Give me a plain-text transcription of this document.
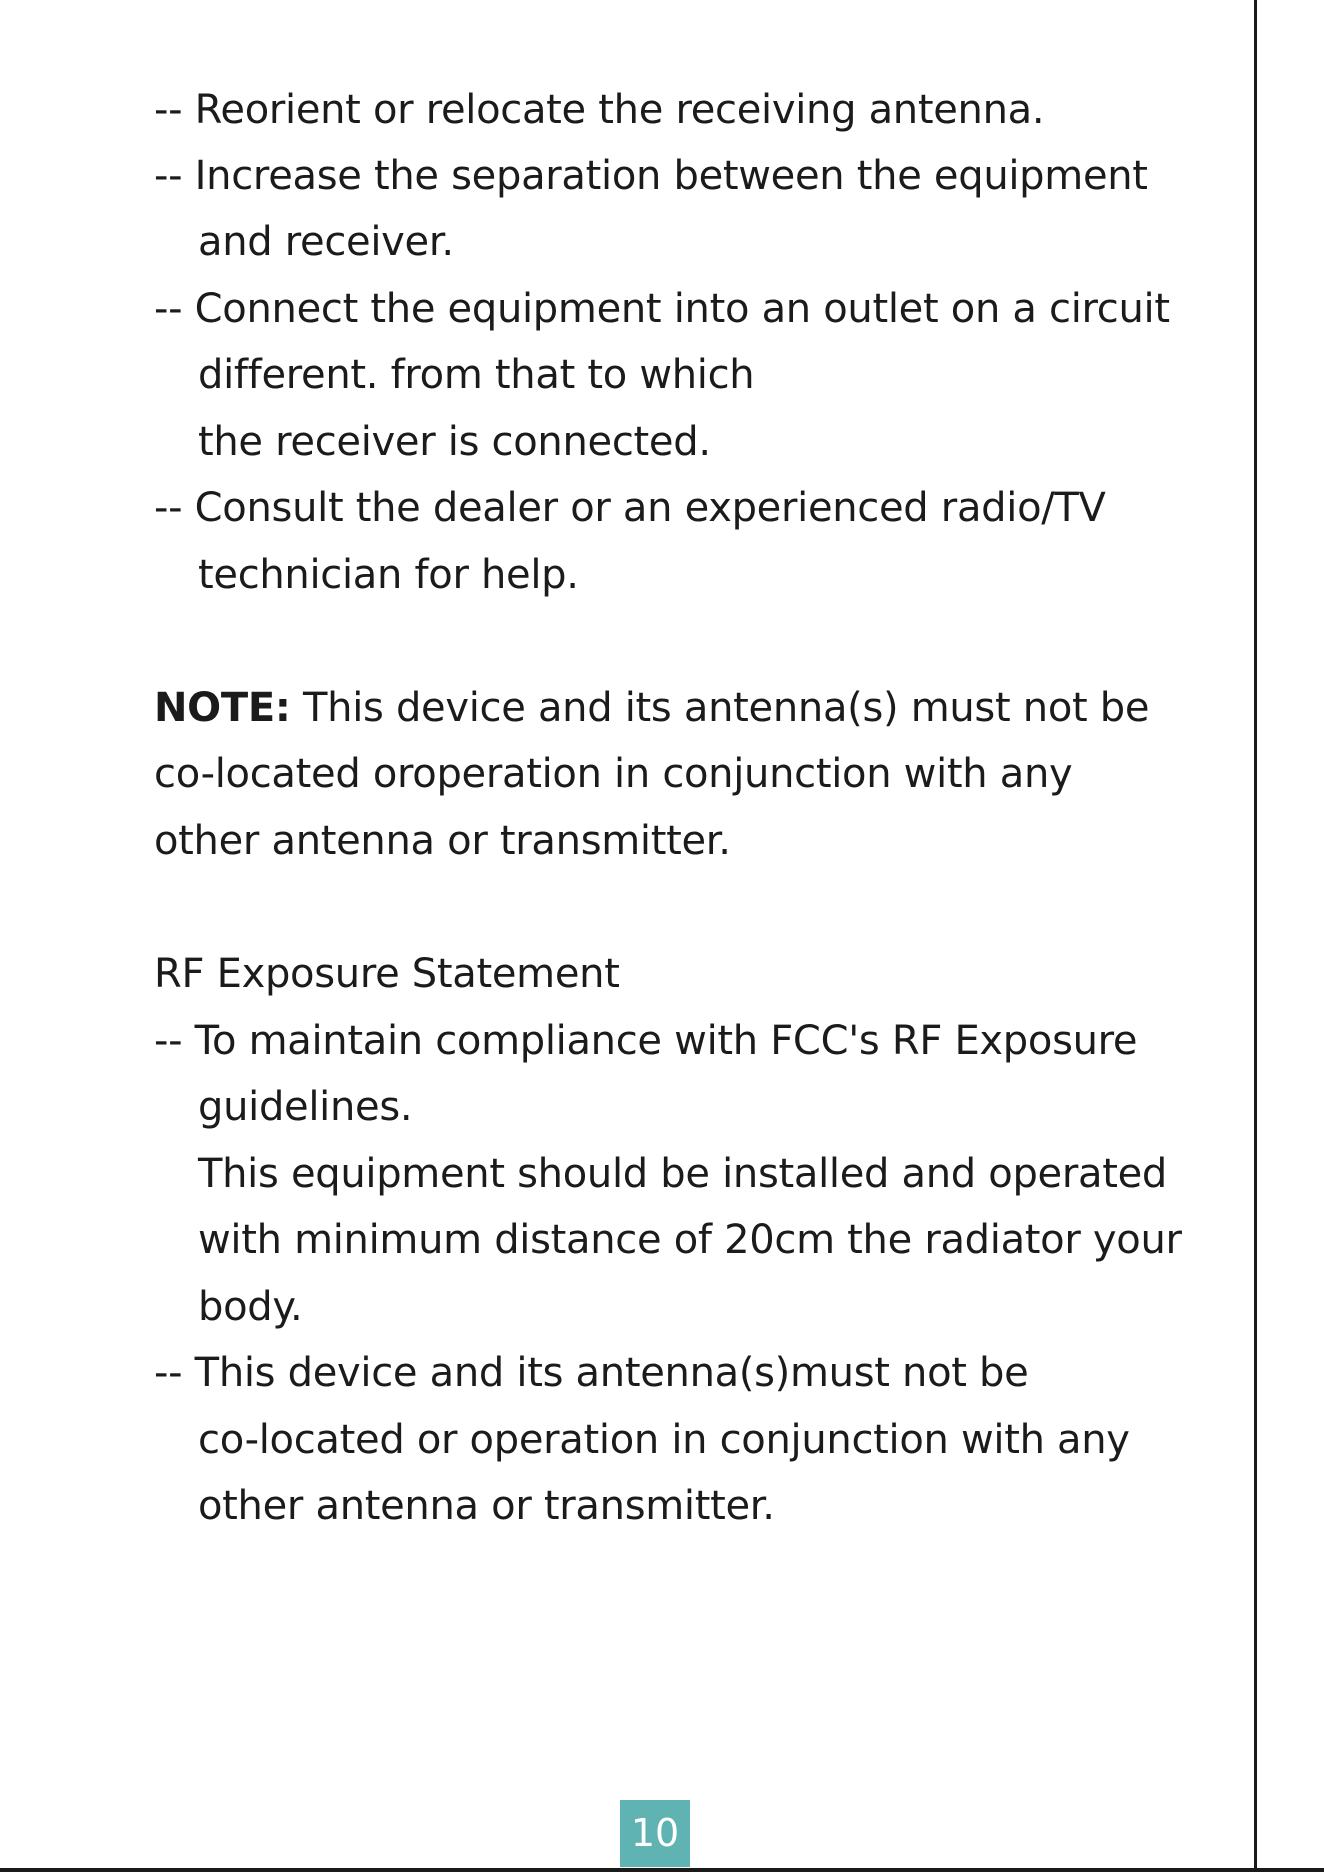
-- Reorient or relocate the receiving antenna.
-- Increase the separation between the equipment
and receiver.
-- Connect the equipment into an outlet on a circuit
different. from that to which
the receiver is connected.
-- Consult the dealer or an experienced radio/TV
technician for help.
NOTE: This device and its antenna(s) must not be
co-located oroperation in conjunction with any
other antenna or transmitter.
RF Exposure Statement
-- To maintain compliance with FCC's RF Exposure
guidelines.
This equipment should be installed and operated
with minimum distance of 20cm the radiator your
body.
-- This device and its antenna(s)must not be
co-located or operation in conjunction with any
other antenna or transmitter.
10
